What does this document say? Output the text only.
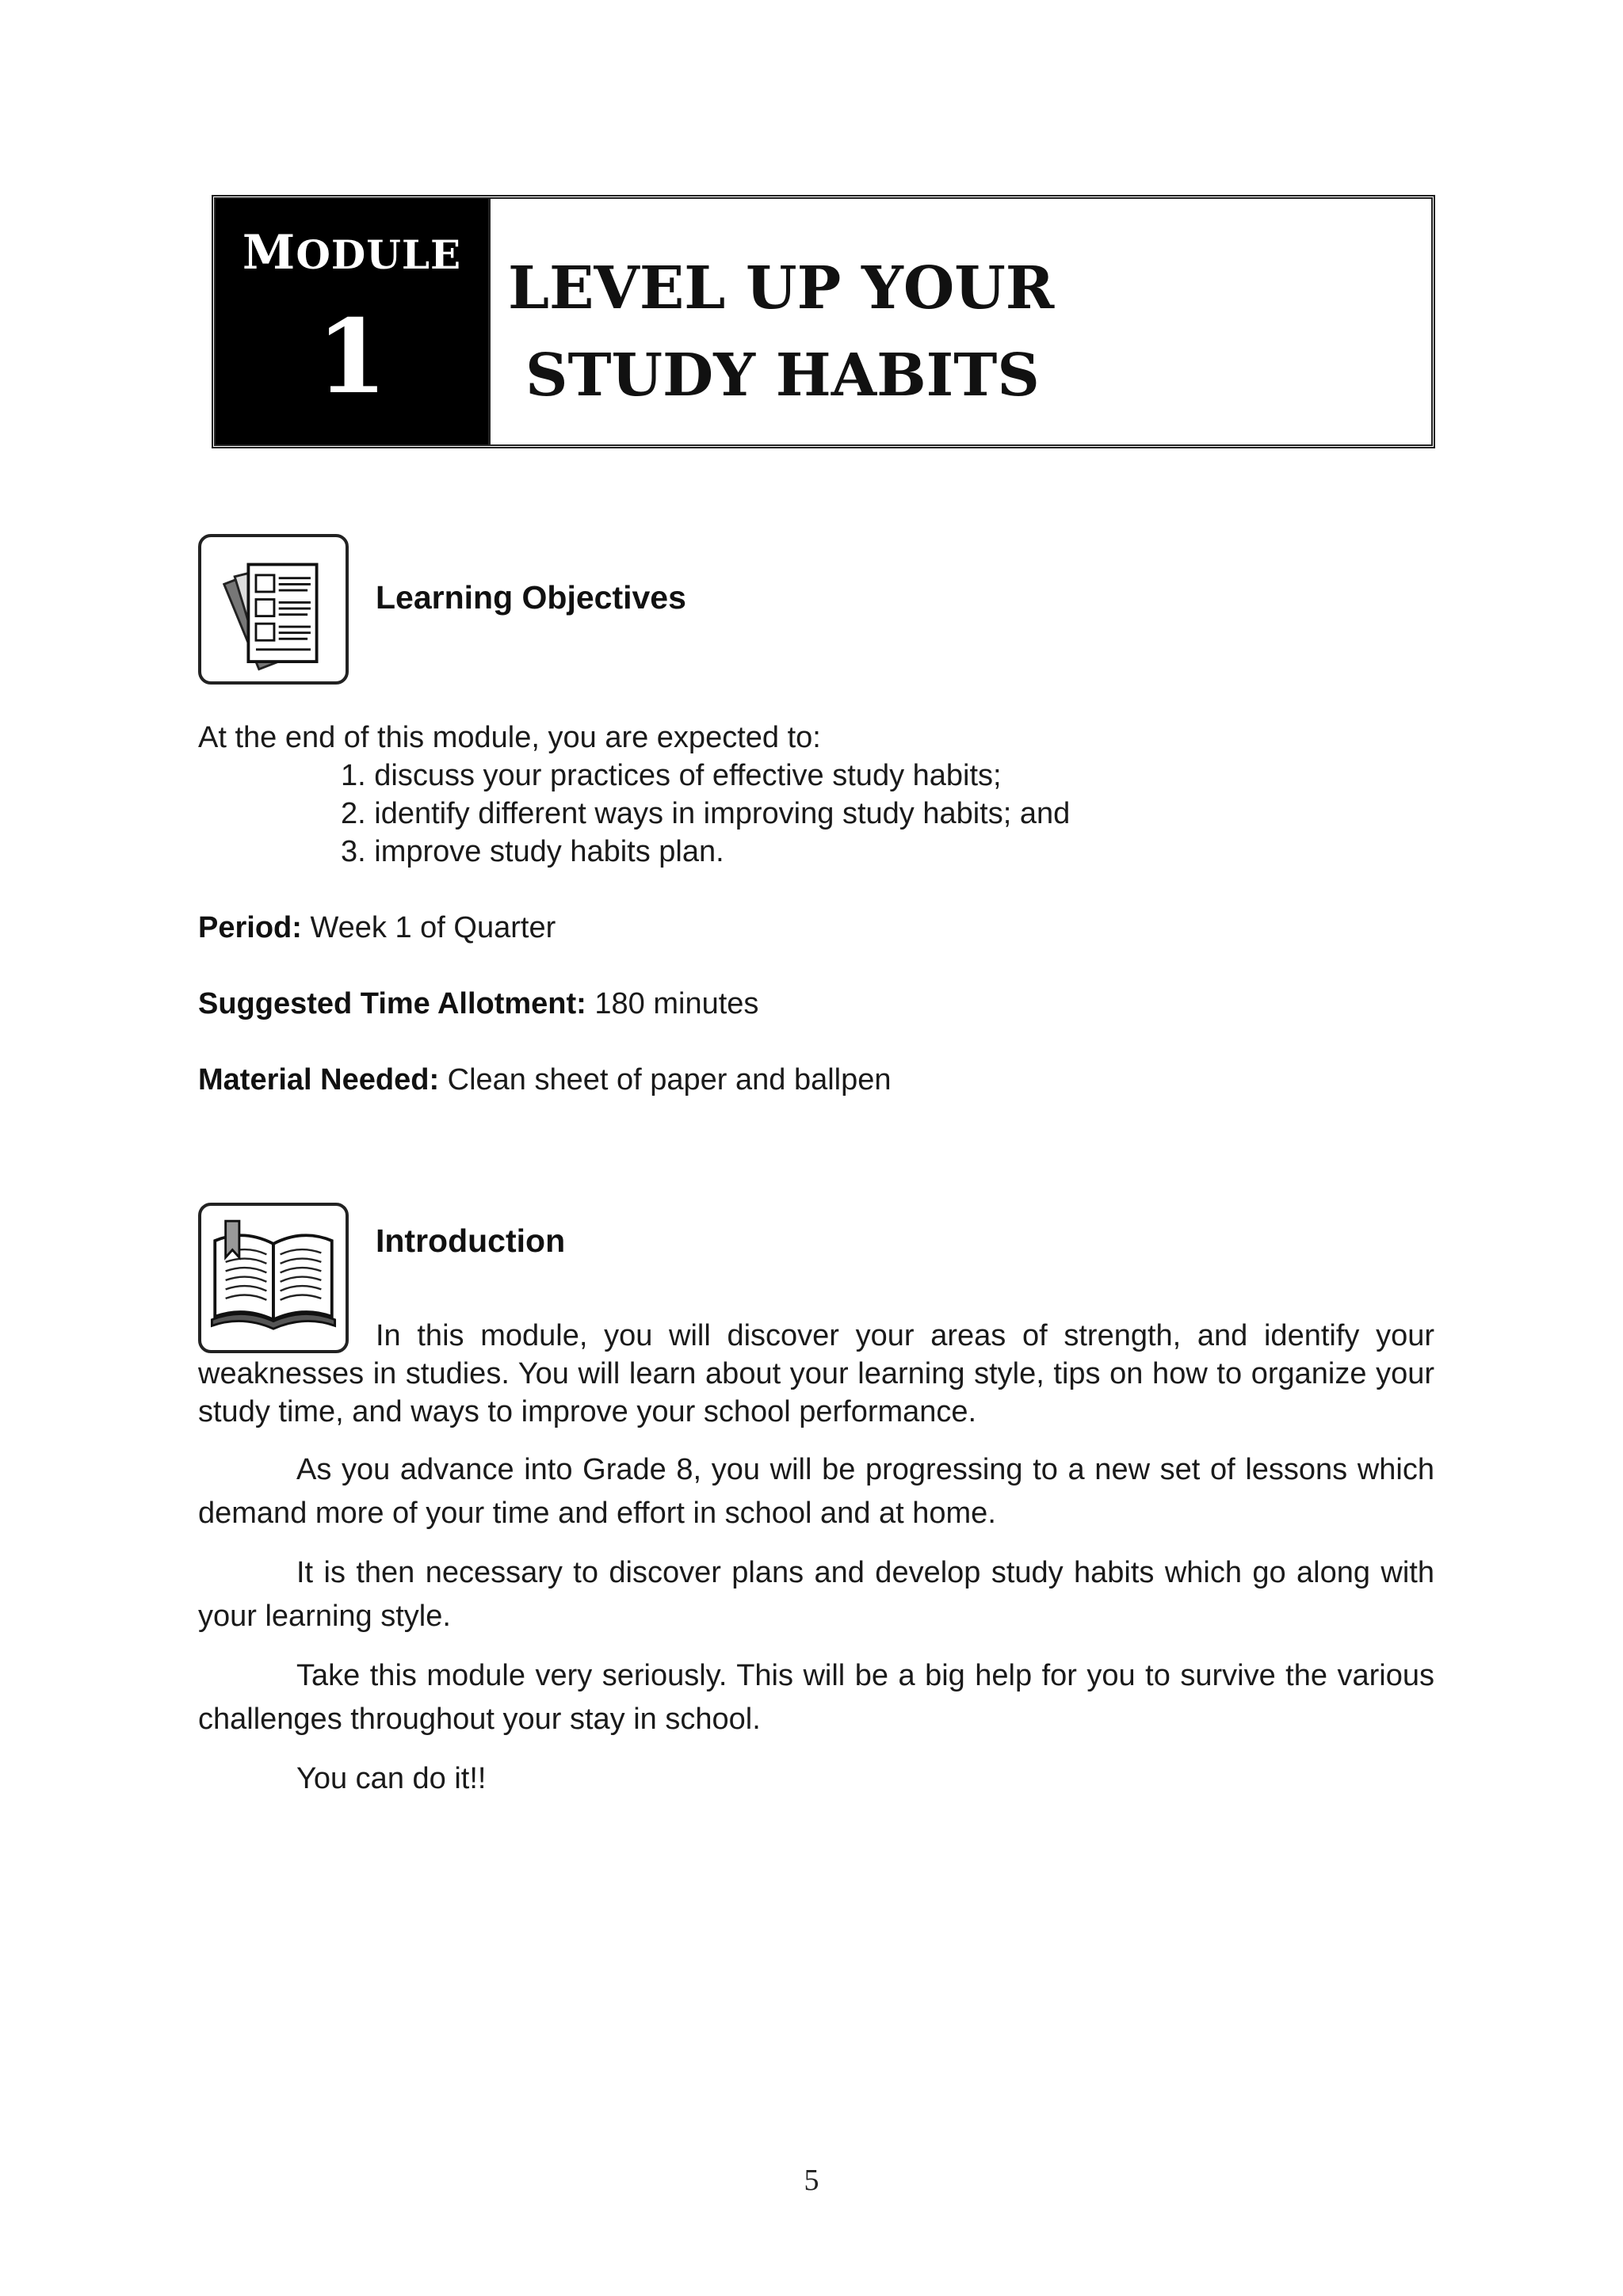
MODULE
1
LEVEL UP YOUR
STUDY HABITS
Learning Objectives
At the end of this module, you are expected to:
1. discuss your practices of effective study habits;
2. identify different ways in improving study habits; and
3. improve study habits plan.
Period: Week 1 of Quarter
Suggested Time Allotment: 180 minutes
Material Needed: Clean sheet of paper and ballpen
Introduction

In this module, you will discover your areas of strength, and identify your weaknesses in studies. You will learn about your learning style, tips on how to organize your study time, and ways to improve your school performance.

As you advance into Grade 8, you will be progressing to a new set of lessons which demand more of your time and effort in school and at home.

It is then necessary to discover plans and develop study habits which go along with your learning style.

Take this module very seriously. This will be a big help for you to survive the various challenges throughout your stay in school.

You can do it!!

5
